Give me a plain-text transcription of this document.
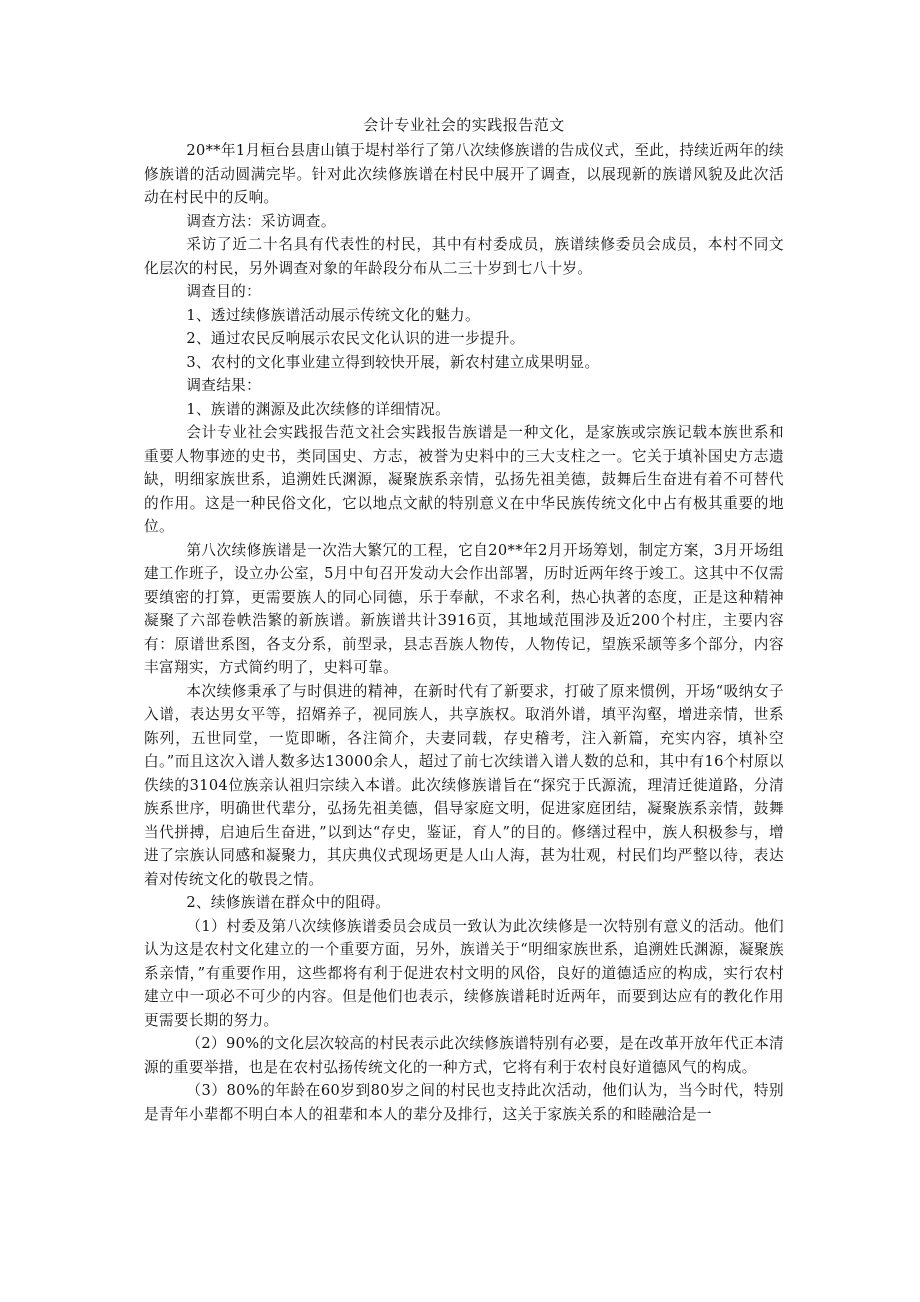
会计专业社会的实践报告范文

20**年1月桓台县唐山镇于堤村举行了第八次续修族谱的告成仪式，至此，持续近两年的续修族谱的活动圆满完毕。针对此次续修族谱在村民中展开了调查，以展现新的族谱风貌及此次活动在村民中的反响。

调查方法：采访调查。

采访了近二十名具有代表性的村民，其中有村委成员，族谱续修委员会成员，本村不同文化层次的村民，另外调查对象的年龄段分布从二三十岁到七八十岁。

调查目的：

1、透过续修族谱活动展示传统文化的魅力。

2、通过农民反响展示农民文化认识的进一步提升。

3、农村的文化事业建立得到较快开展，新农村建立成果明显。

调查结果：

1、族谱的渊源及此次续修的详细情况。

会计专业社会实践报告范文社会实践报告族谱是一种文化，是家族或宗族记载本族世系和重要人物事迹的史书，类同国史、方志，被誉为史料中的三大支柱之一。它关于填补国史方志遗缺，明细家族世系，追溯姓氏渊源，凝聚族系亲情，弘扬先祖美德，鼓舞后生奋进有着不可替代的作用。这是一种民俗文化，它以地点文献的特别意义在中华民族传统文化中占有极其重要的地位。

第八次续修族谱是一次浩大繁冗的工程，它自20**年2月开场筹划，制定方案，3月开场组建工作班子，设立办公室，5月中旬召开发动大会作出部署，历时近两年终于竣工。这其中不仅需要缜密的打算，更需要族人的同心同德，乐于奉献，不求名利，热心执著的态度，正是这种精神凝聚了六部卷帙浩繁的新族谱。新族谱共计3916页，其地域范围涉及近200个村庄，主要内容有：原谱世系图，各支分系，前型录，县志吾族人物传，人物传记，望族采颉等多个部分，内容丰富翔实，方式简约明了，史料可靠。

本次续修秉承了与时俱进的精神，在新时代有了新要求，打破了原来惯例，开场“吸纳女子入谱，表达男女平等，招婿养子，视同族人，共享族权。取消外谱，填平沟壑，增进亲情，世系陈列，五世同堂，一览即晰，各注简介，夫妻同载，存史稽考，注入新篇，充实内容，填补空白。”而且这次入谱人数多达13000余人，超过了前七次续谱入谱人数的总和，其中有16个村原以佚续的3104位族亲认祖归宗续入本谱。此次续修族谱旨在“探究于氏源流，理清迁徙道路，分清族系世序，明确世代辈分，弘扬先祖美德，倡导家庭文明，促进家庭团结，凝聚族系亲情，鼓舞当代拼搏，启迪后生奋进，”以到达“存史，鉴证，育人”的目的。修缮过程中，族人积极参与，增进了宗族认同感和凝聚力，其庆典仪式现场更是人山人海，甚为壮观，村民们均严整以待，表达着对传统文化的敬畏之情。

2、续修族谱在群众中的阻碍。

（1）村委及第八次续修族谱委员会成员一致认为此次续修是一次特别有意义的活动。他们认为这是农村文化建立的一个重要方面，另外，族谱关于“明细家族世系，追溯姓氏渊源，凝聚族系亲情，”有重要作用，这些都将有利于促进农村文明的风俗，良好的道德适应的构成，实行农村建立中一项必不可少的内容。但是他们也表示，续修族谱耗时近两年，而要到达应有的教化作用更需要长期的努力。

（2）90%的文化层次较高的村民表示此次续修族谱特别有必要，是在改革开放年代正本清源的重要举措，也是在农村弘扬传统文化的一种方式，它将有利于农村良好道德风气的构成。

（3）80%的年龄在60岁到80岁之间的村民也支持此次活动，他们认为，当今时代，特别是青年小辈都不明白本人的祖辈和本人的辈分及排行，这关于家族关系的和睦融洽是一
